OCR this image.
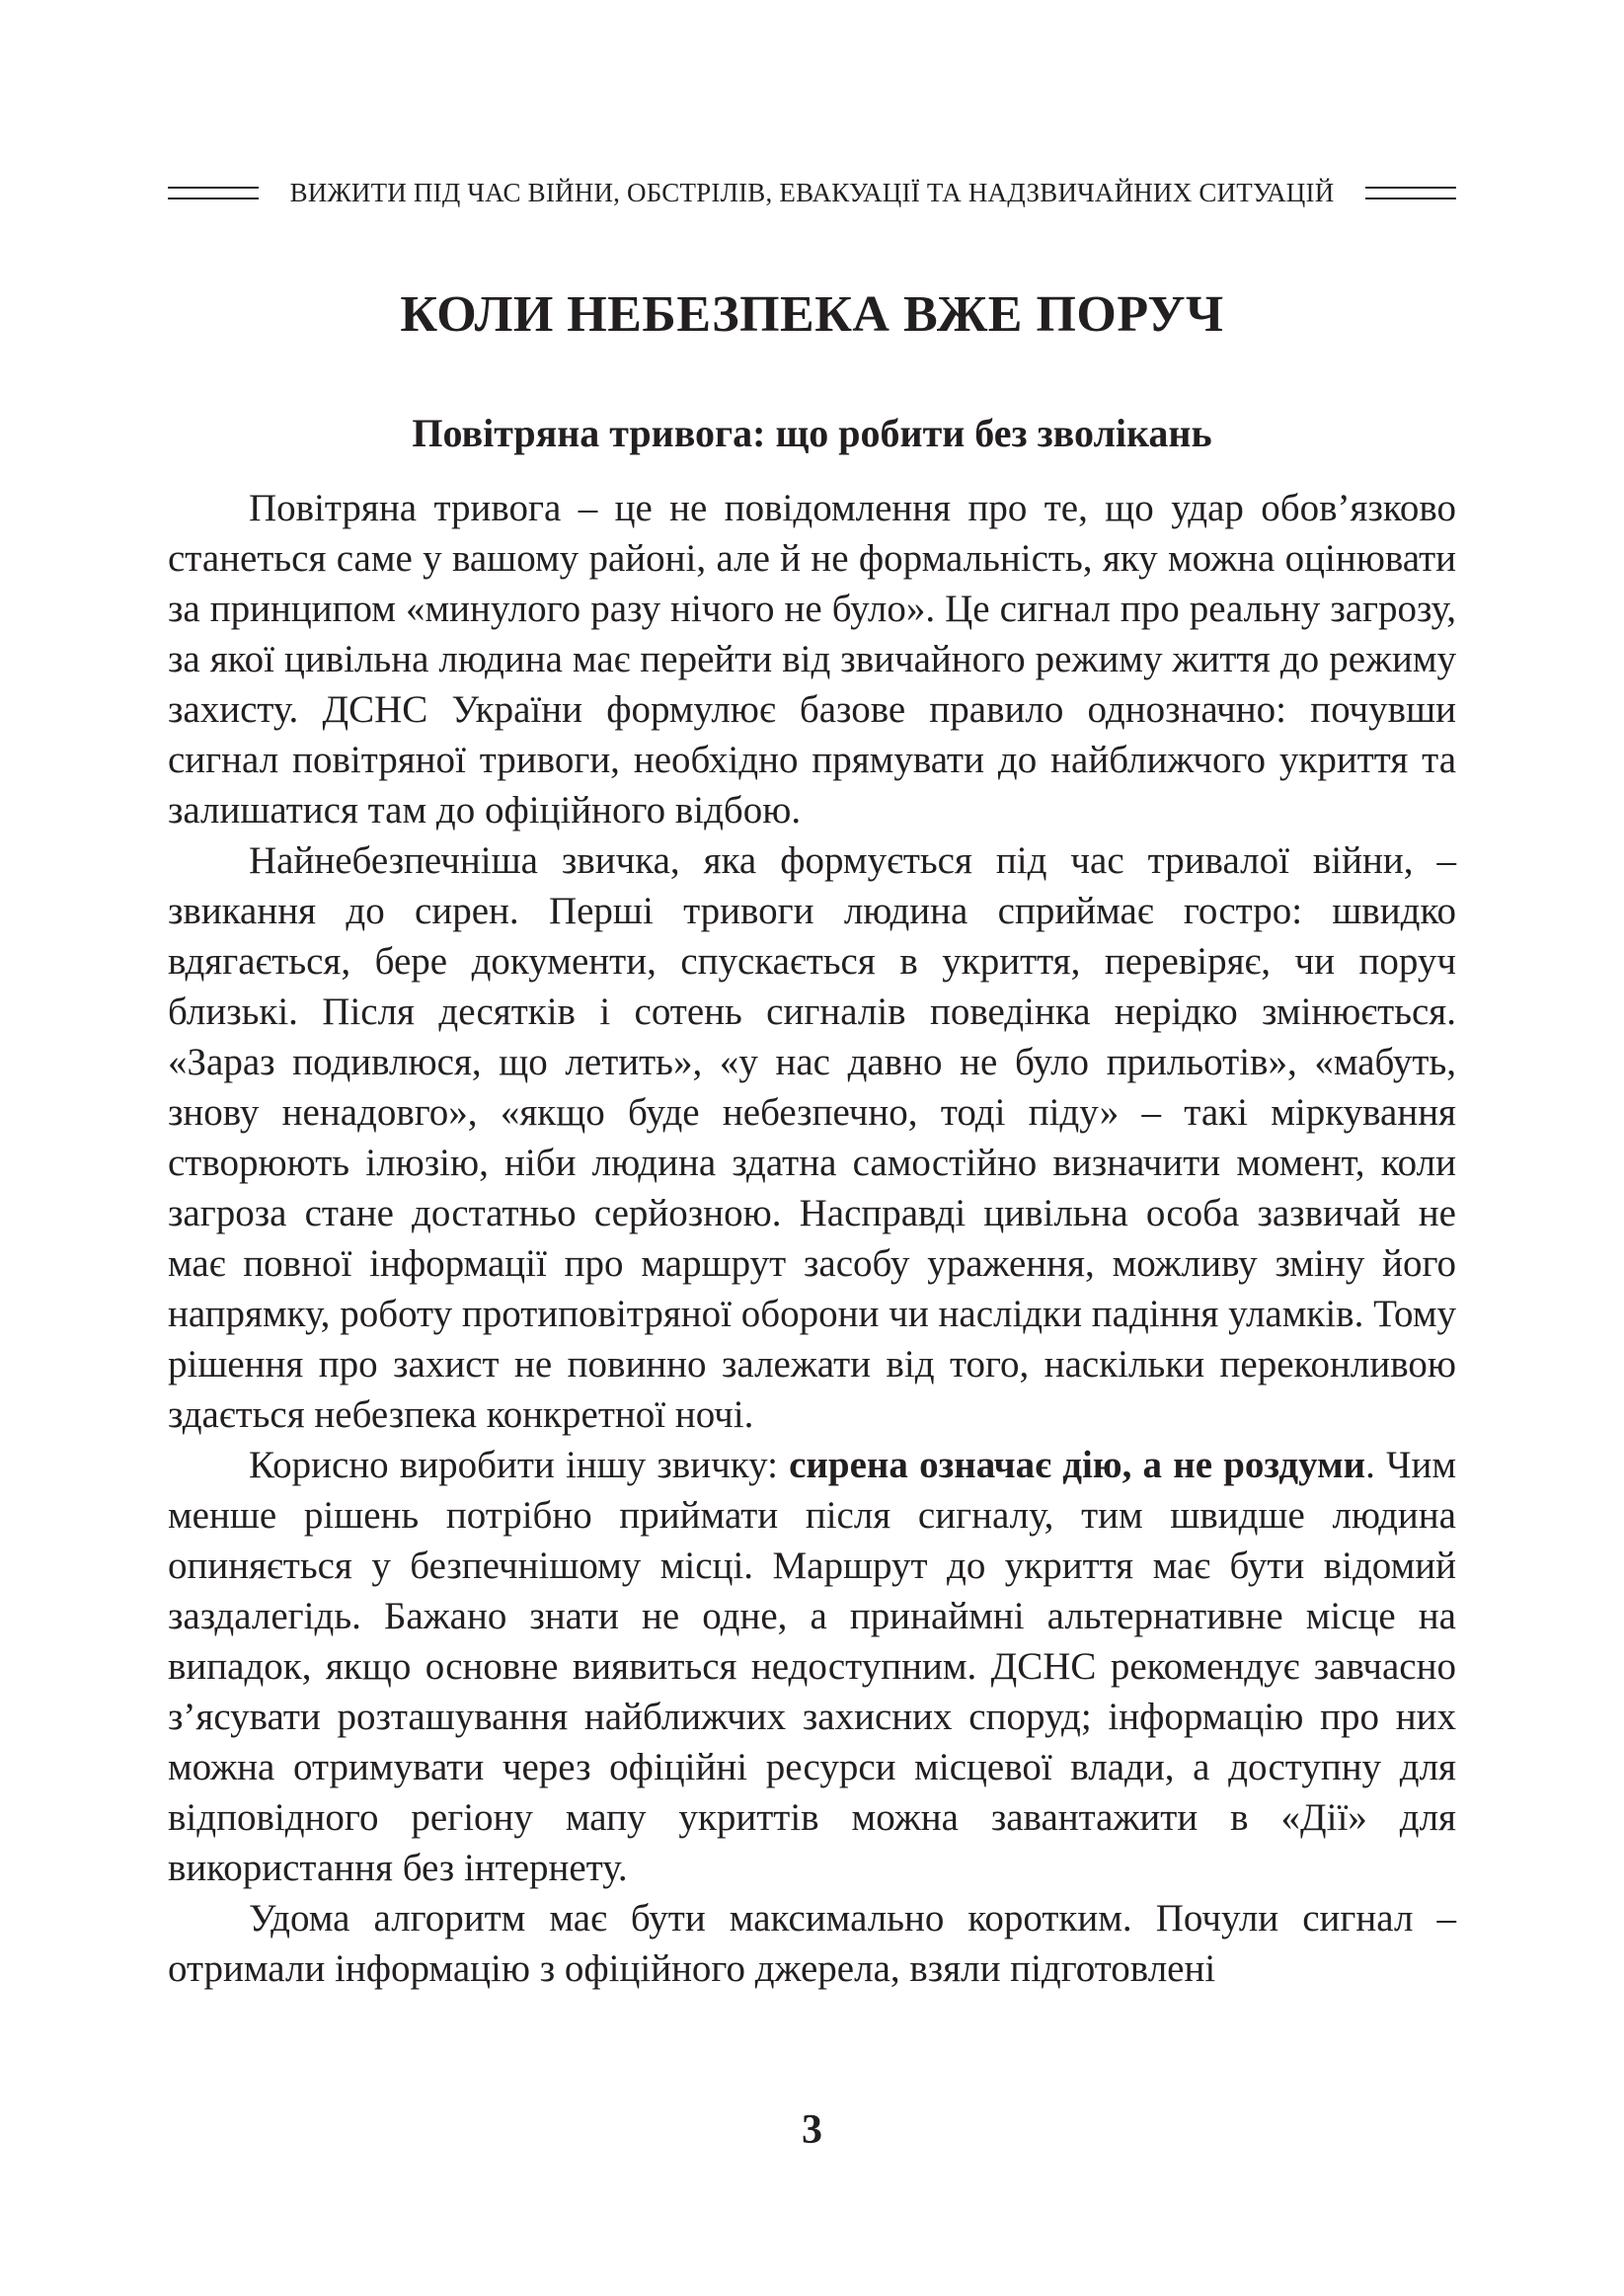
ВИЖИТИ ПІД ЧАС ВІЙНИ, ОБСТРІЛІВ, ЕВАКУАЦІЇ ТА НАДЗВИЧАЙНИХ СИТУАЦІЙ
КОЛИ НЕБЕЗПЕКА ВЖЕ ПОРУЧ
Повітряна тривога: що робити без зволікань

Повітряна тривога – це не повідомлення про те, що удар обов’язково станеться саме у вашому районі, але й не формальність, яку можна оцінювати за принципом «минулого разу нічого не було». Це сигнал про реальну загрозу, за якої цивільна людина має перейти від звичайного режиму життя до режиму захисту. ДСНС України формулює базове правило однозначно: почувши сигнал повітряної тривоги, необхідно прямувати до найближчого укриття та залишатися там до офіційного відбою.

Найнебезпечніша звичка, яка формується під час тривалої війни, – звикання до сирен. Перші тривоги людина сприймає гостро: швидко вдягається, бере документи, спускається в укриття, перевіряє, чи поруч близькі. Після десятків і сотень сигналів поведінка нерідко змінюється. «Зараз подивлюся, що летить», «у нас давно не було прильотів», «мабуть, знову ненадовго», «якщо буде небезпечно, тоді піду» – такі міркування створюють ілюзію, ніби людина здатна самостійно визначити момент, коли загроза стане достатньо серйозною. Насправді цивільна особа зазвичай не має повної інформації про маршрут засобу ураження, можливу зміну його напрямку, роботу протиповітряної оборони чи наслідки падіння уламків. Тому рішення про захист не повинно залежати від того, наскільки переконливою здається небезпека конкретної ночі.

Корисно виробити іншу звичку: сирена означає дію, а не роздуми. Чим менше рішень потрібно приймати після сигналу, тим швидше людина опиняється у безпечнішому місці. Маршрут до укриття має бути відомий заздалегідь. Бажано знати не одне, а принаймні альтернативне місце на випадок, якщо основне виявиться недоступним. ДСНС рекомендує завчасно з’ясувати розташування найближчих захисних споруд; інформацію про них можна отримувати через офіційні ресурси місцевої влади, а доступну для відповідного регіону мапу укриттів можна завантажити в «Дії» для використання без інтернету.

Удома алгоритм має бути максимально коротким. Почули сигнал – отримали інформацію з офіційного джерела, взяли підготовлені

3
